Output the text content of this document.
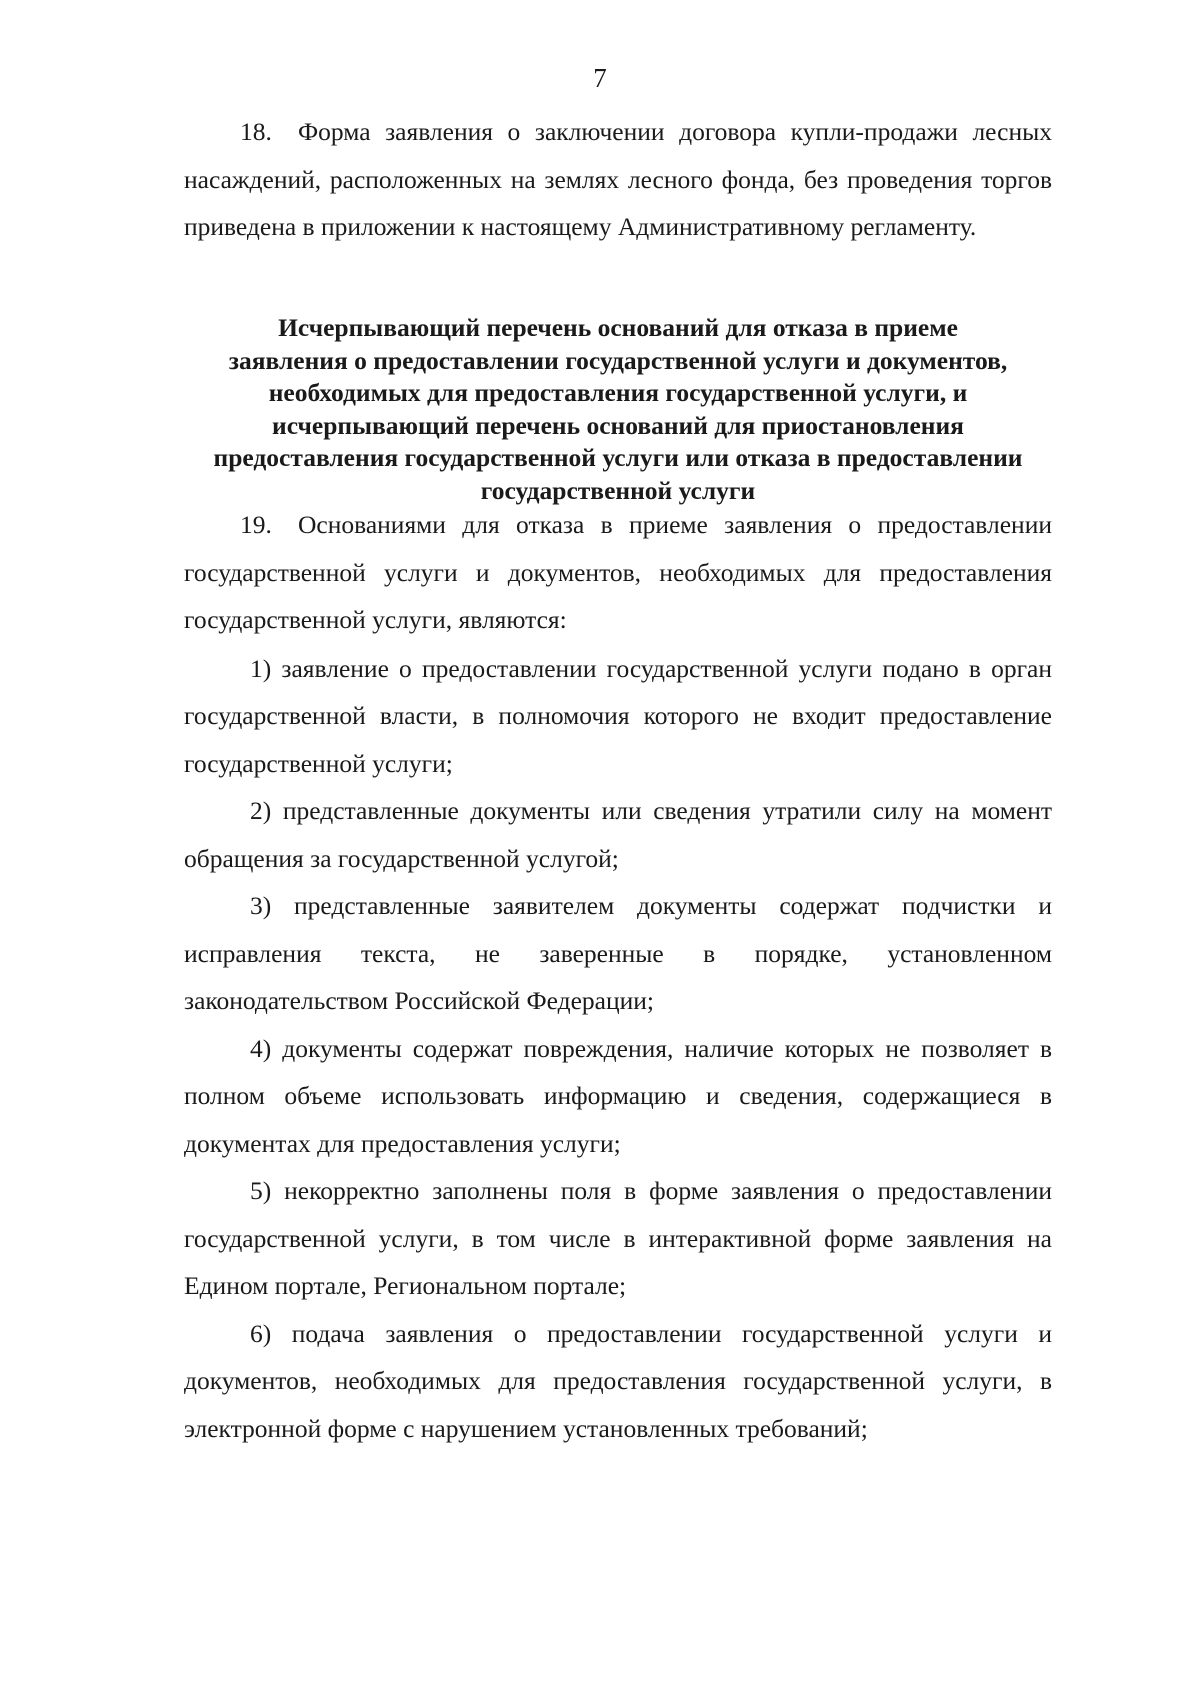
7

18. Форма заявления о заключении договора купли-продажи лесных насаждений, расположенных на землях лесного фонда, без проведения торгов приведена в приложении к настоящему Административному регламенту.

Исчерпывающий перечень оснований для отказа в приеме
заявления о предоставлении государственной услуги и документов,
необходимых для предоставления государственной услуги, и
исчерпывающий перечень оснований для приостановления
предоставления государственной услуги или отказа в предоставлении
государственной услуги

19. Основаниями для отказа в приеме заявления о предоставлении государственной услуги и документов, необходимых для предоставления государственной услуги, являются:

1) заявление о предоставлении государственной услуги подано в орган государственной власти, в полномочия которого не входит предоставление государственной услуги;

2) представленные документы или сведения утратили силу на момент обращения за государственной услугой;

3) представленные заявителем документы содержат подчистки и исправления текста, не заверенные в порядке, установленном законодательством Российской Федерации;

4) документы содержат повреждения, наличие которых не позволяет в полном объеме использовать информацию и сведения, содержащиеся в документах для предоставления услуги;

5) некорректно заполнены поля в форме заявления о предоставлении государственной услуги, в том числе в интерактивной форме заявления на Едином портале, Региональном портале;

6) подача заявления о предоставлении государственной услуги и документов, необходимых для предоставления государственной услуги, в электронной форме с нарушением установленных требований;
